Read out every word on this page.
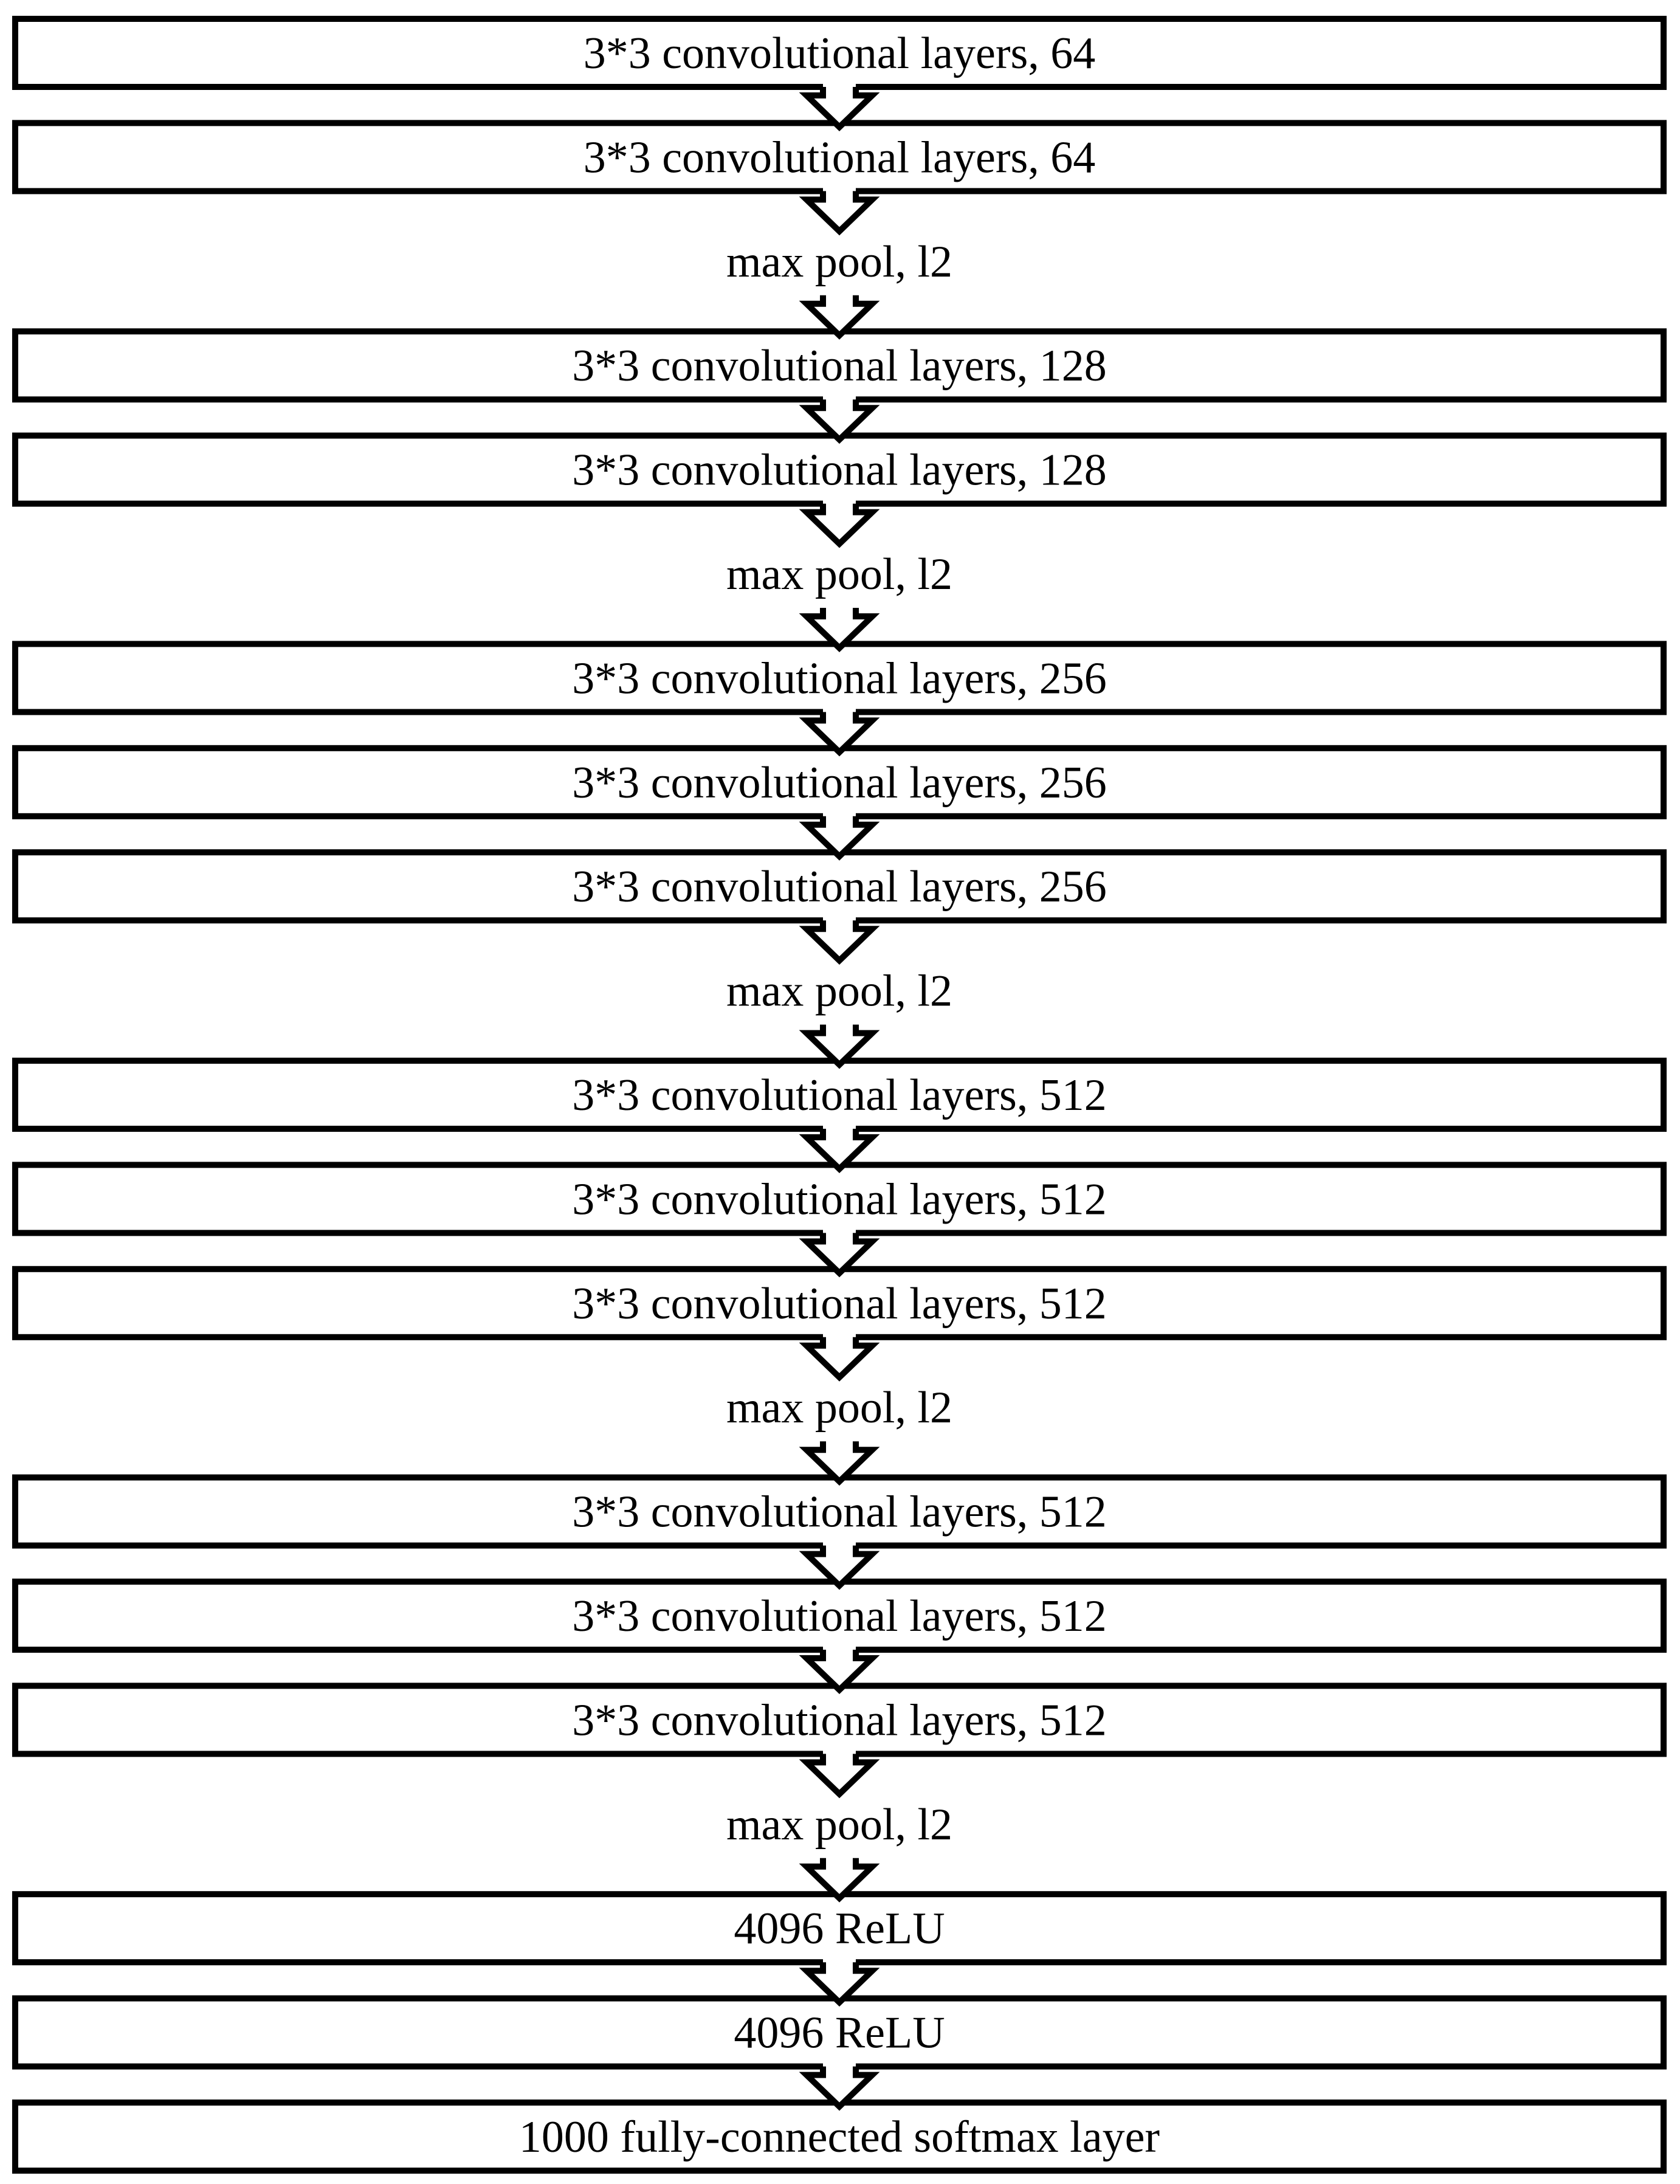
3*3 convolutional layers, 64
3*3 convolutional layers, 64
max pool, l2
3*3 convolutional layers, 128
3*3 convolutional layers, 128
max pool, l2
3*3 convolutional layers, 256
3*3 convolutional layers, 256
3*3 convolutional layers, 256
max pool, l2
3*3 convolutional layers, 512
3*3 convolutional layers, 512
3*3 convolutional layers, 512
max pool, l2
3*3 convolutional layers, 512
3*3 convolutional layers, 512
3*3 convolutional layers, 512
max pool, l2
4096 ReLU
4096 ReLU
1000 fully-connected softmax layer
